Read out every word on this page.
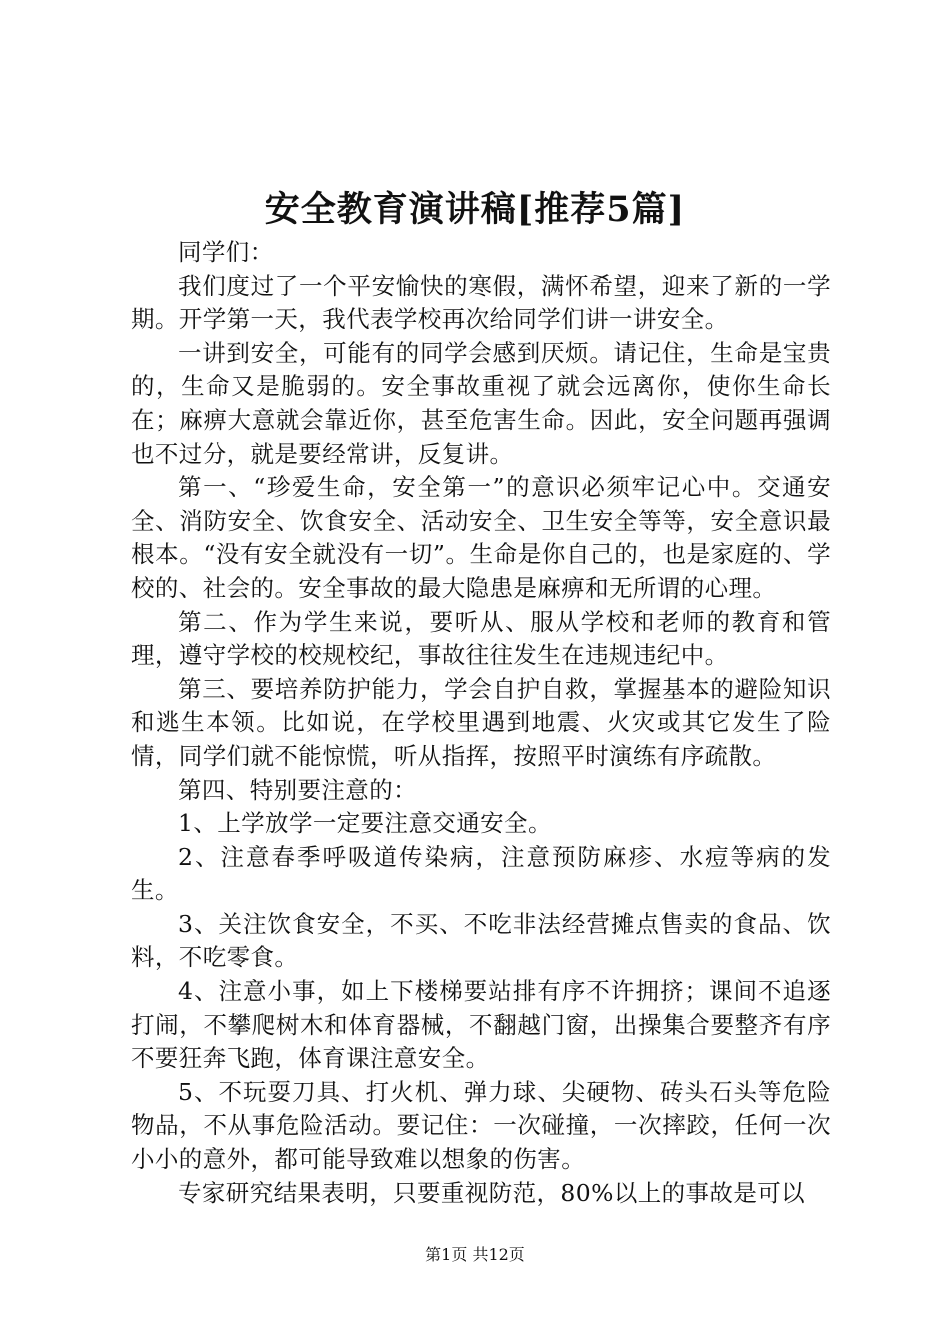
安全教育演讲稿[推荐5篇]

同学们：

我们度过了一个平安愉快的寒假，满怀希望，迎来了新的一学期。开学第一天，我代表学校再次给同学们讲一讲安全。

一讲到安全，可能有的同学会感到厌烦。请记住，生命是宝贵的，生命又是脆弱的。安全事故重视了就会远离你，使你生命长在；麻痹大意就会靠近你，甚至危害生命。因此，安全问题再强调也不过分，就是要经常讲，反复讲。

第一、“珍爱生命，安全第一”的意识必须牢记心中。交通安全、消防安全、饮食安全、活动安全、卫生安全等等，安全意识最根本。“没有安全就没有一切”。生命是你自己的，也是家庭的、学校的、社会的。安全事故的最大隐患是麻痹和无所谓的心理。

第二、作为学生来说，要听从、服从学校和老师的教育和管理，遵守学校的校规校纪，事故往往发生在违规违纪中。

第三、要培养防护能力，学会自护自救，掌握基本的避险知识和逃生本领。比如说，在学校里遇到地震、火灾或其它发生了险情，同学们就不能惊慌，听从指挥，按照平时演练有序疏散。

第四、特别要注意的：

1、上学放学一定要注意交通安全。

2、注意春季呼吸道传染病，注意预防麻疹、水痘等病的发生。

3、关注饮食安全，不买、不吃非法经营摊点售卖的食品、饮料，不吃零食。

4、注意小事，如上下楼梯要站排有序不许拥挤；课间不追逐打闹，不攀爬树木和体育器械，不翻越门窗，出操集合要整齐有序不要狂奔飞跑，体育课注意安全。

5、不玩耍刀具、打火机、弹力球、尖硬物、砖头石头等危险物品，不从事危险活动。要记住：一次碰撞，一次摔跤，任何一次小小的意外，都可能导致难以想象的伤害。

专家研究结果表明，只要重视防范，80%以上的事故是可以

第1页 共12页
